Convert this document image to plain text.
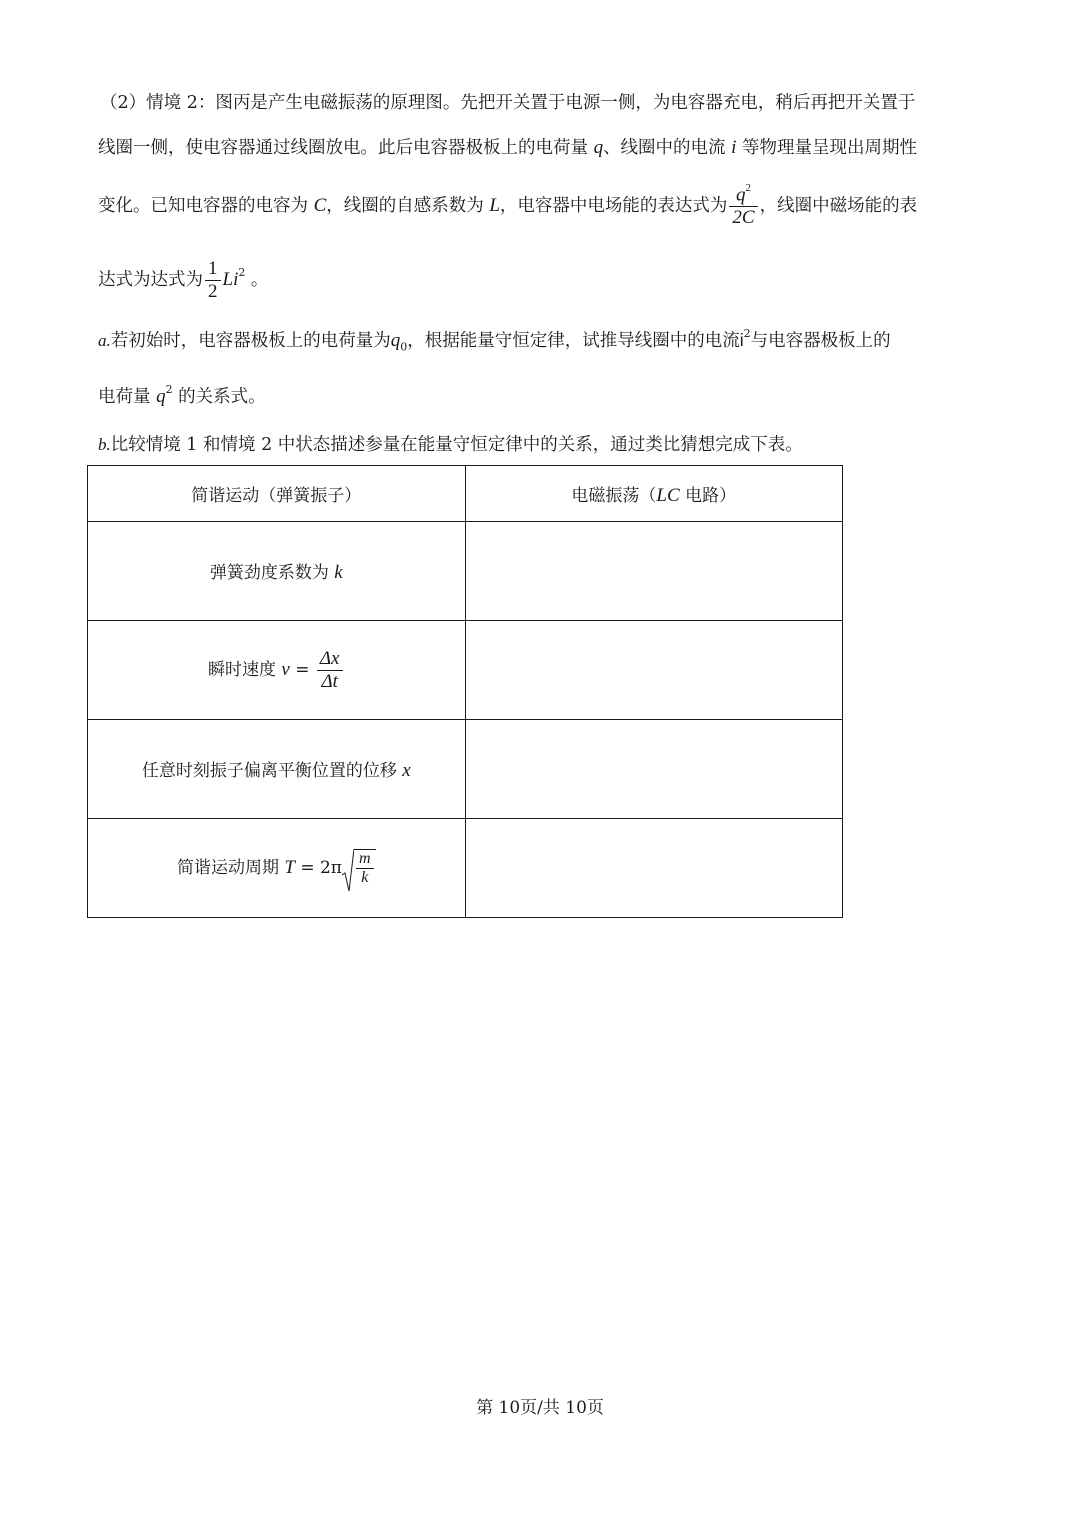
（2）情境 2：图丙是产生电磁振荡的原理图。先把开关置于电源一侧，为电容器充电，稍后再把开关置于
线圈一侧，使电容器通过线圈放电。此后电容器极板上的电荷量 q、线圈中的电流 i 等物理量呈现出周期性
变化。已知电容器的电容为 C，线圈的自感系数为 L，电容器中电场能的表达式为 $\frac{q^2}{2C}$ ，线圈中磁场能的表
达式为达式为 $\frac{1}{2} Li^2$ 。
a.若初始时，电容器极板上的电荷量为$q_0$，根据能量守恒定律，试推导线圈中的电流$i^2$与电容器极板上的
电荷量 $q^2$ 的关系式。
b.比较情境 1 和情境 2 中状态描述参量在能量守恒定律中的关系，通过类比猜想完成下表。
简谐运动（弹簧振子）	电磁振荡（LC 电路）
弹簧劲度系数为 k	
瞬时速度 $v = \frac{\Delta x}{\Delta t}$

任意时刻振子偏离平衡位置的位移 x	
简谐运动周期 $T = 2\pi \frac{m}{k}$

第 10页/共 10页
